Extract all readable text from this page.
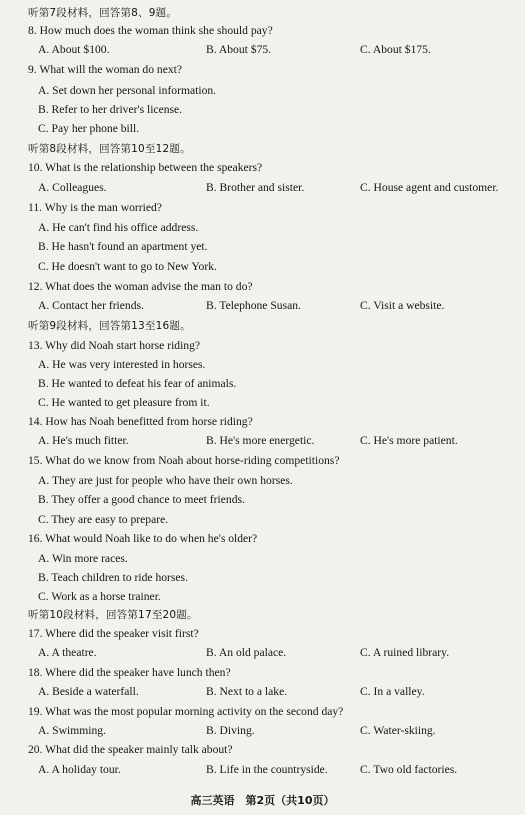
听第7段材料，回答第8、9题。
8. How much does the woman think she should pay?
A. About $100.	B. About $75.	C. About $175.
9. What will the woman do next?
A. Set down her personal information.
B. Refer to her driver's license.
C. Pay her phone bill.
听第8段材料，回答第10至12题。
10. What is the relationship between the speakers?
A. Colleagues.	B. Brother and sister.	C. House agent and customer.
11. Why is the man worried?
A. He can't find his office address.
B. He hasn't found an apartment yet.
C. He doesn't want to go to New York.
12. What does the woman advise the man to do?
A. Contact her friends.	B. Telephone Susan.	C. Visit a website.
听第9段材料，回答第13至16题。
13. Why did Noah start horse riding?
A. He was very interested in horses.
B. He wanted to defeat his fear of animals.
C. He wanted to get pleasure from it.
14. How has Noah benefitted from horse riding?
A. He's much fitter.	B. He's more energetic.	C. He's more patient.
15. What do we know from Noah about horse-riding competitions?
A. They are just for people who have their own horses.
B. They offer a good chance to meet friends.
C. They are easy to prepare.
16. What would Noah like to do when he's older?
A. Win more races.
B. Teach children to ride horses.
C. Work as a horse trainer.
听第10段材料，回答第17至20题。
17. Where did the speaker visit first?
A. A theatre.	B. An old palace.	C. A ruined library.
18. Where did the speaker have lunch then?
A. Beside a waterfall.	B. Next to a lake.	C. In a valley.
19. What was the most popular morning activity on the second day?
A. Swimming.	B. Diving.	C. Water-skiing.
20. What did the speaker mainly talk about?
A. A holiday tour.	B. Life in the countryside.	C. Two old factories.
高三英语　第2页（共10页）
